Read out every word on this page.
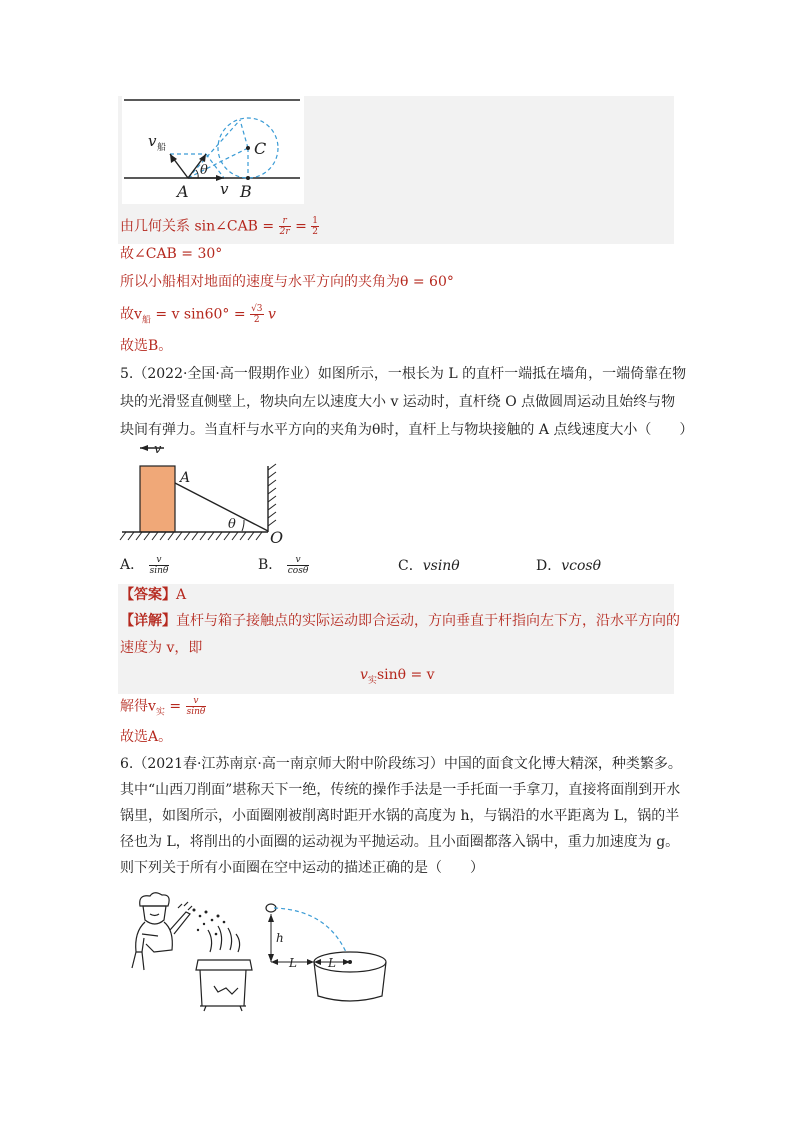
v 船
θ
A v B
C
由几何关系 sin∠CAB = $\frac{r}{2r} = \frac{1}{2}$
故∠CAB = 30°
所以小船相对地面的速度与水平方向的夹角为θ = 60°
故$v_船 = v$ $\sin 60^\circ = \frac{√3}{2}$ v
故选B。
5.（2022·全国·高一假期作业）如图所示，一根长为 L 的直杆一端抵在墙角，一端倚靠在物
块的光滑竖直侧壁上，物块向左以速度大小 v 运动时，直杆绕 O 点做圆周运动且始终与物
块间有弹力。当直杆与水平方向的夹角为θ时，直杆上与物块接触的 A 点线速度大小（　　）
v
A
θ
O
A． $\frac{v}{\sin\theta}$	B． $\frac{v}{\cos\theta}$	C．vsinθ	D．vcosθ
【答案】A
【详解】直杆与箱子接触点的实际运动即合运动，方向垂直于杆指向左下方，沿水平方向的
速度为 v，即
$v_实\sin\theta = v$
解得$v_实 = \frac{v}{\sin\theta}$
故选A。
6.（2021春·江苏南京·高一南京师大附中阶段练习）中国的面食文化博大精深，种类繁多。
其中“山西刀削面”堪称天下一绝，传统的操作手法是一手托面一手拿刀，直接将面削到开水
锅里，如图所示，小面圈刚被削离时距开水锅的高度为 h，与锅沿的水平距离为 L，锅的半
径也为 L，将削出的小面圈的运动视为平抛运动。且小面圈都落入锅中，重力加速度为 g。
则下列关于所有小面圈在空中运动的描述正确的是（　　）
h
L	L
